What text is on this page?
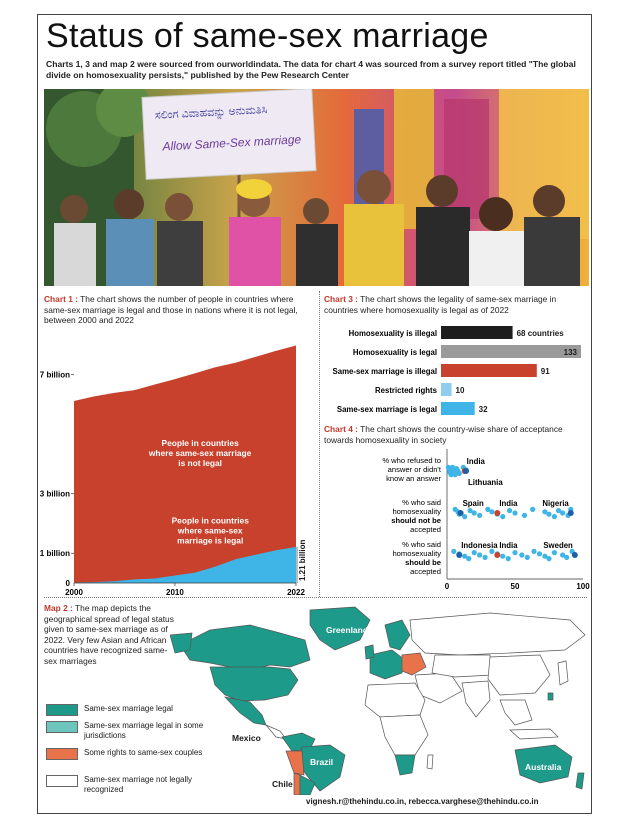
Status of same-sex marriage
Charts 1, 3 and map 2 were sourced from ourworldindata. The data for chart 4 was sourced from a survey report titled "The global divide on homosexuality persists," published by the Pew Research Center
ಸಲಿಂಗ ವಿವಾಹವನ್ನು ಅನುಮತಿಸಿ
Allow Same-Sex marriage
Chart 1 : The chart shows the number of people in countries where same-sex marriage is legal and those in nations where it is not legal, between 2000 and 2022
0
1 billion
3 billion
7 billion
2000	2010	2022
People in countries where same-sex marriage is not legal
People in countries where same-sex marriage is legal
6.77 billion
1.21 billion
Chart 3 : The chart shows the legality of same-sex marriage in countries where homosexuality is legal as of 2022
Homosexuality is illegal	68 countries
Homosexuality is legal	133
Same-sex marriage is illegal	91
Restricted rights 10
Same-sex marriage is legal	32
Chart 4 : The chart shows the country-wise share of acceptance towards homosexuality in society
0	50	100
% who refused to answer or didn't know an answer
India
Lithuania
% who said homosexuality should not be accepted
Spain India	Nigeria
% who said homosexuality should be accepted
Indonesia India	Sweden
Map 2 : The map depicts the geographical spread of legal status given to same-sex marriage as of 2022. Very few Asian and African countries have recognized same-sex marriages
Same-sex marriage legal
Same-sex marriage legal in some jurisdictions
Some rights to same-sex couples
Same-sex marriage not legally recognized
Greenland
Mexico
Brazil
Chile
Australia
vignesh.r@thehindu.co.in, rebecca.varghese@thehindu.co.in
